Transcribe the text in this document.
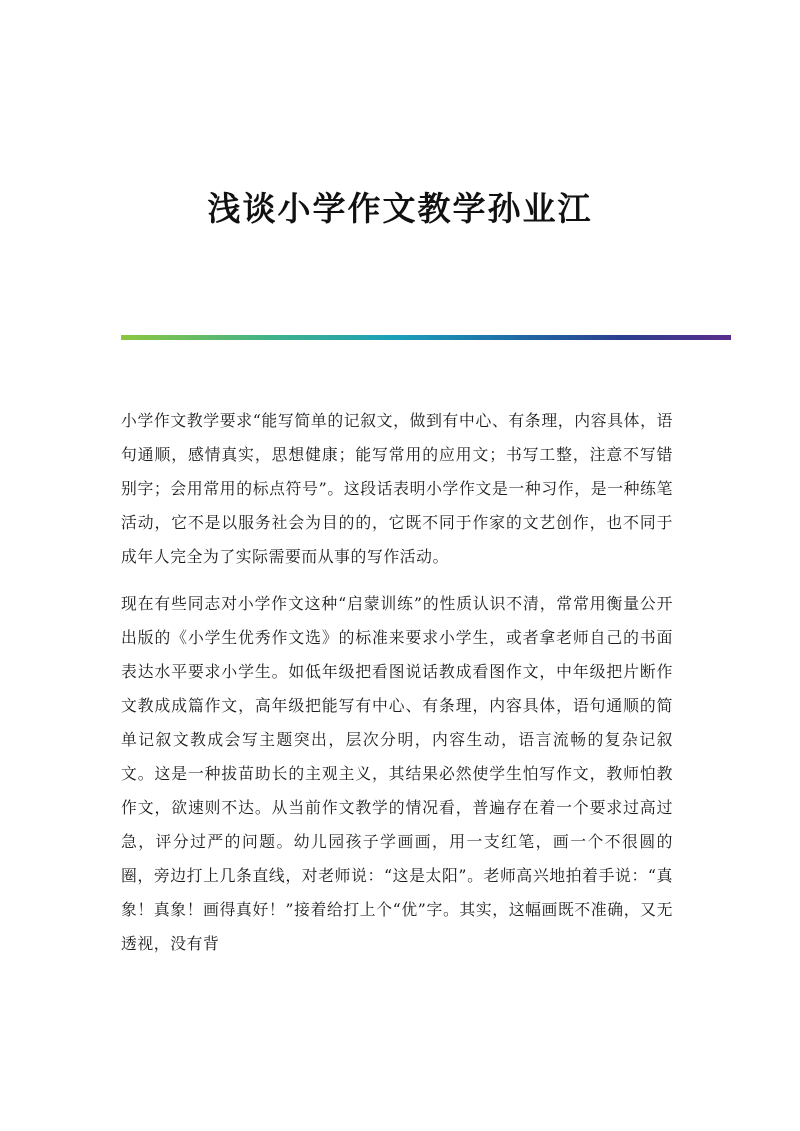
浅谈小学作文教学孙业江

小学作文教学要求“能写简单的记叙文，做到有中心、有条理，内容具体，语句通顺，感情真实，思想健康；能写常用的应用文；书写工整，注意不写错别字；会用常用的标点符号”。这段话表明小学作文是一种习作，是一种练笔活动，它不是以服务社会为目的的，它既不同于作家的文艺创作，也不同于成年人完全为了实际需要而从事的写作活动。

现在有些同志对小学作文这种“启蒙训练”的性质认识不清，常常用衡量公开出版的《小学生优秀作文选》的标准来要求小学生，或者拿老师自己的书面表达水平要求小学生。如低年级把看图说话教成看图作文，中年级把片断作文教成成篇作文，高年级把能写有中心、有条理，内容具体，语句通顺的简单记叙文教成会写主题突出，层次分明，内容生动，语言流畅的复杂记叙文。这是一种拔苗助长的主观主义，其结果必然使学生怕写作文，教师怕教作文，欲速则不达。从当前作文教学的情况看，普遍存在着一个要求过高过急，评分过严的问题。幼儿园孩子学画画，用一支红笔，画一个不很圆的圈，旁边打上几条直线，对老师说：“这是太阳”。老师高兴地拍着手说：“真象！真象！画得真好！”接着给打上个“优”字。其实，这幅画既不准确，又无透视，没有背
